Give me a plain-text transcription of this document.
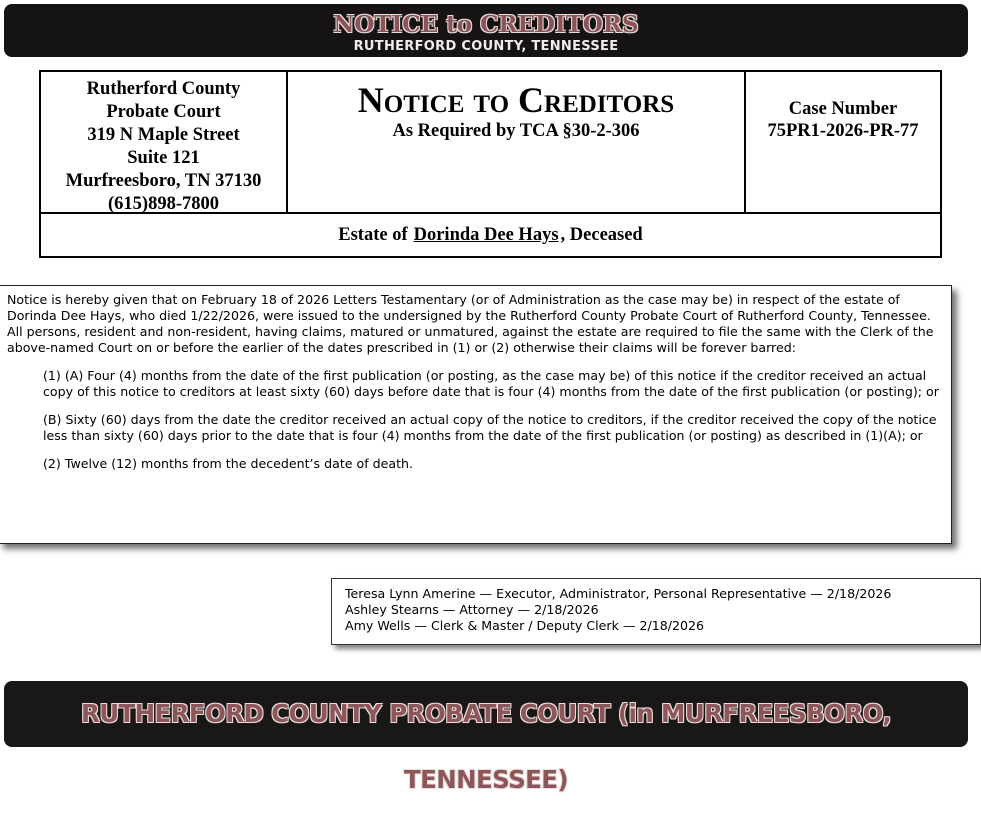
NOTICE to CREDITORS
RUTHERFORD COUNTY, TENNESSEE
Rutherford County
Probate Court
319 N Maple Street
Suite 121
Murfreesboro, TN 37130
(615)898-7800
Notice to Creditors
As Required by TCA §30-2-306
Case Number
75PR1-2026-PR-77
Estate of Dorinda Dee Hays , Deceased

Notice is hereby given that on February 18 of 2026 Letters Testamentary (or of Administration as the case may be) in respect of the estate of Dorinda Dee Hays, who died 1/22/2026, were issued to the undersigned by the Rutherford County Probate Court of Rutherford County, Tennessee. All persons, resident and non-resident, having claims, matured or unmatured, against the estate are required to file the same with the Clerk of the above-named Court on or before the earlier of the dates prescribed in (1) or (2) otherwise their claims will be forever barred:

(1) (A) Four (4) months from the date of the first publication (or posting, as the case may be) of this notice if the creditor received an actual copy of this notice to creditors at least sixty (60) days before date that is four (4) months from the date of the first publication (or posting); or

(B) Sixty (60) days from the date the creditor received an actual copy of the notice to creditors, if the creditor received the copy of the notice less than sixty (60) days prior to the date that is four (4) months from the date of the first publication (or posting) as described in (1)(A); or

(2) Twelve (12) months from the decedent’s date of death.

Teresa Lynn Amerine — Executor, Administrator, Personal Representative — 2/18/2026
Ashley Stearns — Attorney — 2/18/2026
Amy Wells — Clerk & Master / Deputy Clerk — 2/18/2026
RUTHERFORD COUNTY PROBATE COURT (in MURFREESBORO, TENNESSEE)
